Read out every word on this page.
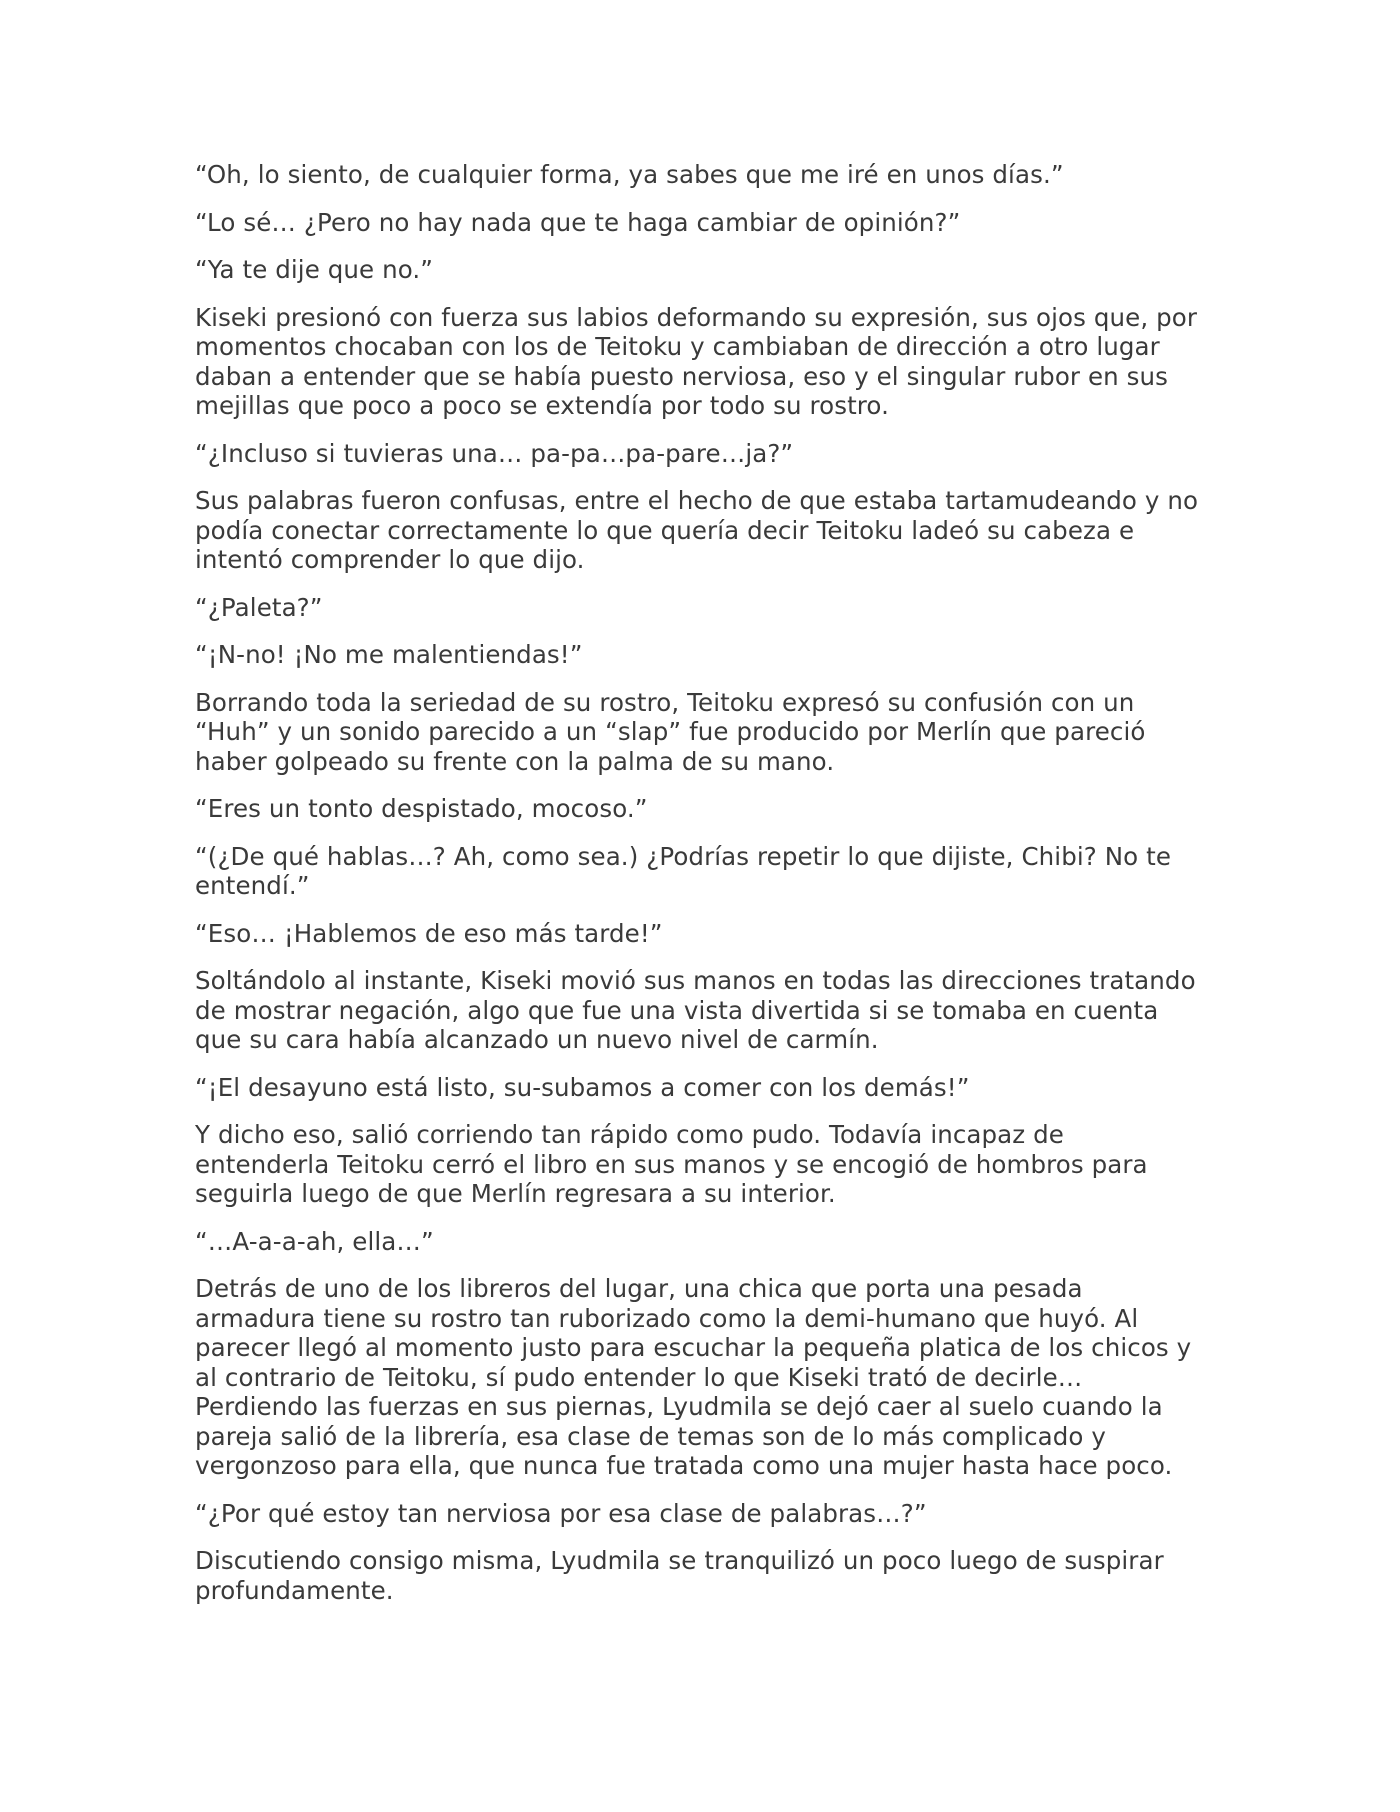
“Oh, lo siento, de cualquier forma, ya sabes que me iré en unos días.”

“Lo sé… ¿Pero no hay nada que te haga cambiar de opinión?”

“Ya te dije que no.”

Kiseki presionó con fuerza sus labios deformando su expresión, sus ojos que, por momentos chocaban con los de Teitoku y cambiaban de dirección a otro lugar daban a entender que se había puesto nerviosa, eso y el singular rubor en sus mejillas que poco a poco se extendía por todo su rostro.

“¿Incluso si tuvieras una… pa-pa…pa-pare…ja?”

Sus palabras fueron confusas, entre el hecho de que estaba tartamudeando y no podía conectar correctamente lo que quería decir Teitoku ladeó su cabeza e intentó comprender lo que dijo.

“¿Paleta?”

“¡N-no! ¡No me malentiendas!”

Borrando toda la seriedad de su rostro, Teitoku expresó su confusión con un “Huh” y un sonido parecido a un “slap” fue producido por Merlín que pareció haber golpeado su frente con la palma de su mano.

“Eres un tonto despistado, mocoso.”

“(¿De qué hablas…? Ah, como sea.) ¿Podrías repetir lo que dijiste, Chibi? No te entendí.”

“Eso… ¡Hablemos de eso más tarde!”

Soltándolo al instante, Kiseki movió sus manos en todas las direcciones tratando de mostrar negación, algo que fue una vista divertida si se tomaba en cuenta que su cara había alcanzado un nuevo nivel de carmín.

“¡El desayuno está listo, su-subamos a comer con los demás!”

Y dicho eso, salió corriendo tan rápido como pudo. Todavía incapaz de entenderla Teitoku cerró el libro en sus manos y se encogió de hombros para seguirla luego de que Merlín regresara a su interior.

“…A-a-a-ah, ella…”

Detrás de uno de los libreros del lugar, una chica que porta una pesada armadura tiene su rostro tan ruborizado como la demi-humano que huyó. Al parecer llegó al momento justo para escuchar la pequeña platica de los chicos y al contrario de Teitoku, sí pudo entender lo que Kiseki trató de decirle… Perdiendo las fuerzas en sus piernas, Lyudmila se dejó caer al suelo cuando la pareja salió de la librería, esa clase de temas son de lo más complicado y vergonzoso para ella, que nunca fue tratada como una mujer hasta hace poco.

“¿Por qué estoy tan nerviosa por esa clase de palabras…?”

Discutiendo consigo misma, Lyudmila se tranquilizó un poco luego de suspirar profundamente.
